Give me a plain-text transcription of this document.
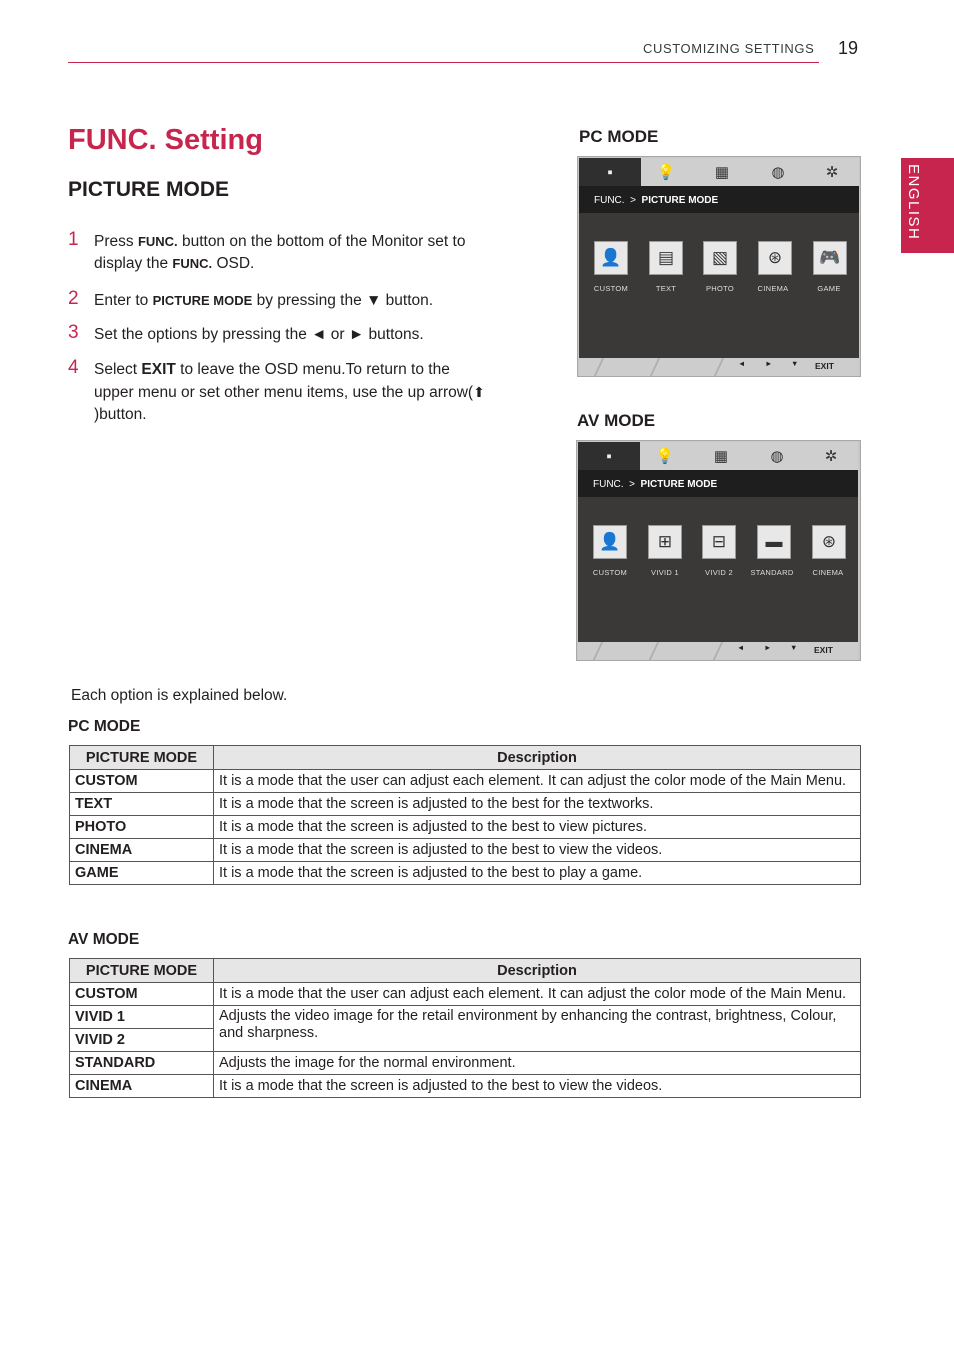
CUSTOMIZING SETTINGS 19
ENGLISH
FUNC. Setting
PICTURE MODE
1 Press FUNC. button on the bottom of the Monitor set to display the FUNC. OSD.
2 Enter to PICTURE MODE by pressing the ▼ button.
3 Set the options by pressing the ◄ or ► buttons.
4 Select EXIT to leave the OSD menu.To return to the upper menu or set other menu items, use the up arrow(⬆)button.
PC MODE
▪	💡	▦	◍	✲
FUNC. > PICTURE MODE
👤
CUSTOM
▤
TEXT
▧
PHOTO
⊛
CINEMA
🎮
GAME
◄	► ▼ EXIT
AV MODE
▪	💡	▦	◍	✲
FUNC. > PICTURE MODE
👤
CUSTOM
⊞
VIVID 1
⊟
VIVID 2
▬
STANDARD
⊛
CINEMA
◄	► ▼ EXIT
Each option is explained below.
PC MODE
PICTURE MODE	Description
CUSTOM	It is a mode that the user can adjust each element. It can adjust the color mode of the Main Menu.
TEXT	It is a mode that the screen is adjusted to the best for the textworks.
PHOTO	It is a mode that the screen is adjusted to the best to view pictures.
CINEMA	It is a mode that the screen is adjusted to the best to view the videos.
GAME	It is a mode that the screen is adjusted to the best to play a game.
AV MODE
PICTURE MODE	Description
CUSTOM	It is a mode that the user can adjust each element. It can adjust the color mode of the Main Menu.
VIVID 1	Adjusts the video image for the retail environment by enhancing the contrast, brightness, Colour, and sharpness.
VIVID 2	
STANDARD	Adjusts the image for the normal environment.
CINEMA	It is a mode that the screen is adjusted to the best to view the videos.
